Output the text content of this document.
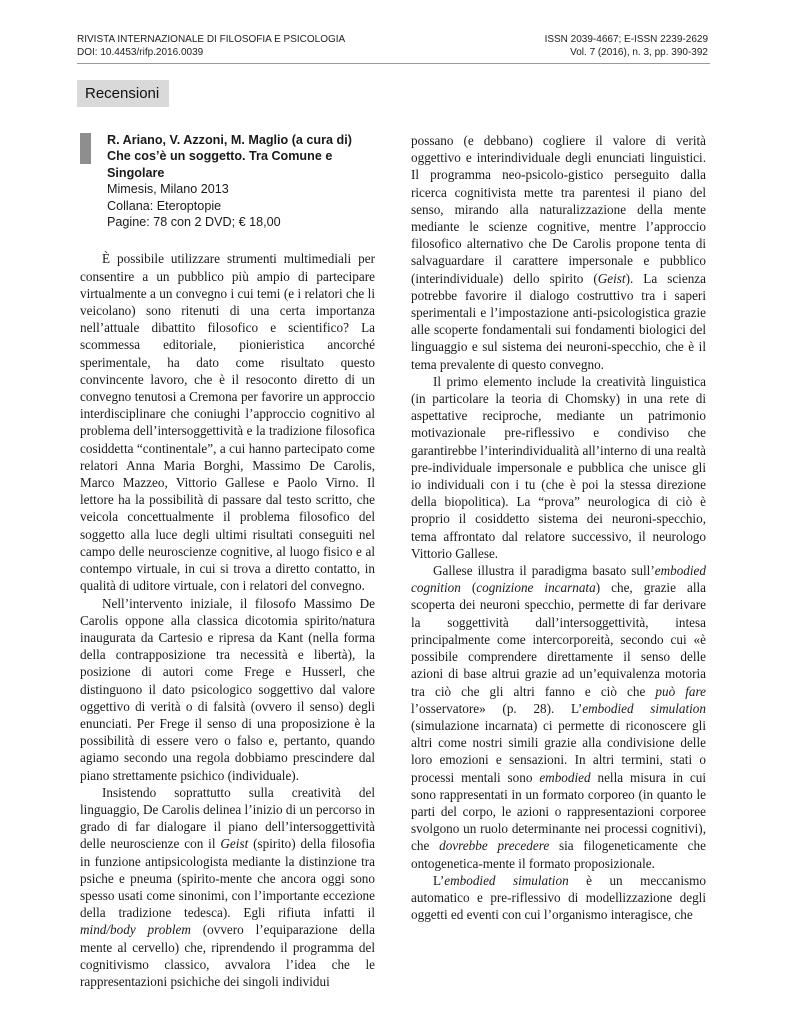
RIVISTA INTERNAZIONALE DI FILOSOFIA E PSICOLOGIA
DOI: 10.4453/rifp.2016.0039
ISSN 2039-4667; E-ISSN 2239-2629
Vol. 7 (2016), n. 3, pp. 390-392
Recensioni
R. Ariano, V. Azzoni, M. Maglio (a cura di)
Che cos’è un soggetto. Tra Comune e Singolare
Mimesis, Milano 2013
Collana: Eteroptopie
Pagine: 78 con 2 DVD; € 18,00

È possibile utilizzare strumenti multimediali per consentire a un pubblico più ampio di partecipare virtualmente a un convegno i cui temi (e i relatori che li veicolano) sono ritenuti di una certa importanza nell’attuale dibattito filosofico e scientifico? La scommessa editoriale, pionieristica ancorché sperimentale, ha dato come risultato questo convincente lavoro, che è il resoconto diretto di un convegno tenutosi a Cremona per favorire un approccio interdisciplinare che coniughi l’approccio cognitivo al problema dell’intersoggettività e la tradizione filosofica cosiddetta “continentale”, a cui hanno partecipato come relatori Anna Maria Borghi, Massimo De Carolis, Marco Mazzeo, Vittorio Gallese e Paolo Virno. Il lettore ha la possibilità di passare dal testo scritto, che veicola concettualmente il problema filosofico del soggetto alla luce degli ultimi risultati conseguiti nel campo delle neuroscienze cognitive, al luogo fisico e al contempo virtuale, in cui si trova a diretto contatto, in qualità di uditore virtuale, con i relatori del convegno.

Nell’intervento iniziale, il filosofo Massimo De Carolis oppone alla classica dicotomia spirito/natura inaugurata da Cartesio e ripresa da Kant (nella forma della contrapposizione tra necessità e libertà), la posizione di autori come Frege e Husserl, che distinguono il dato psicologico soggettivo dal valore oggettivo di verità o di falsità (ovvero il senso) degli enunciati. Per Frege il senso di una proposizione è la possibilità di essere vero o falso e, pertanto, quando agiamo secondo una regola dobbiamo prescindere dal piano strettamente psichico (individuale).

Insistendo soprattutto sulla creatività del linguaggio, De Carolis delinea l’inizio di un percorso in grado di far dialogare il piano dell’intersoggettività delle neuroscienze con il Geist (spirito) della filosofia in funzione antipsicologista mediante la distinzione tra psiche e pneuma (spirito-mente che ancora oggi sono spesso usati come sinonimi, con l’importante eccezione della tradizione tedesca). Egli rifiuta infatti il mind/body problem (ovvero l’equiparazione della mente al cervello) che, riprendendo il programma del cognitivismo classico, avvalora l’idea che le rappresentazioni psichiche dei singoli individui

possano (e debbano) cogliere il valore di verità oggettivo e interindividuale degli enunciati linguistici. Il programma neo-psicolo-gistico perseguito dalla ricerca cognitivista mette tra parentesi il piano del senso, mirando alla naturalizzazione della mente mediante le scienze cognitive, mentre l’approccio filosofico alternativo che De Carolis propone tenta di salvaguardare il carattere impersonale e pubblico (interindividuale) dello spirito (Geist). La scienza potrebbe favorire il dialogo costruttivo tra i saperi sperimentali e l’impostazione anti-psicologistica grazie alle scoperte fondamentali sui fondamenti biologici del linguaggio e sul sistema dei neuroni-specchio, che è il tema prevalente di questo convegno.

Il primo elemento include la creatività linguistica (in particolare la teoria di Chomsky) in una rete di aspettative reciproche, mediante un patrimonio motivazionale pre-riflessivo e condiviso che garantirebbe l’interindividualità all’interno di una realtà pre-individuale impersonale e pubblica che unisce gli io individuali con i tu (che è poi la stessa direzione della biopolitica). La “prova” neurologica di ciò è proprio il cosiddetto sistema dei neuroni-specchio, tema affrontato dal relatore successivo, il neurologo Vittorio Gallese.

Gallese illustra il paradigma basato sull’embodied cognition (cognizione incarnata) che, grazie alla scoperta dei neuroni specchio, permette di far derivare la soggettività dall’intersoggettività, intesa principalmente come intercorporeità, secondo cui «è possibile comprendere direttamente il senso delle azioni di base altrui grazie ad un’equivalenza motoria tra ciò che gli altri fanno e ciò che può fare l’osservatore» (p. 28). L’embodied simulation (simulazione incarnata) ci permette di riconoscere gli altri come nostri simili grazie alla condivisione delle loro emozioni e sensazioni. In altri termini, stati o processi mentali sono embodied nella misura in cui sono rappresentati in un formato corporeo (in quanto le parti del corpo, le azioni o rappresentazioni corporee svolgono un ruolo determinante nei processi cognitivi), che dovrebbe precedere sia filogeneticamente che ontogenetica-mente il formato proposizionale.

L’embodied simulation è un meccanismo automatico e pre-riflessivo di modellizzazione degli oggetti ed eventi con cui l’organismo interagisce, che
